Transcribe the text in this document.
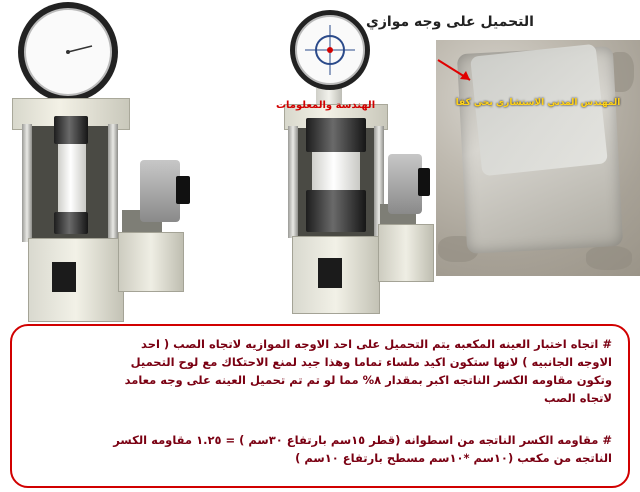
الهندسة والمعلومات
التحميل على وجه موازي
المهندس المدني الاستشاري يحي كفا
# اتجاه اختبار العينه المكعبه يتم التحميل على احد الاوجه الموازيه لاتجاه الصب ( احد
الاوجه الجانبيه ) لانها ستكون اكيد ملساء تماما وهذا جيد لمنع الاحتكاك مع لوح التحميل
وتكون مقاومه الكسر الناتجه اكبر بمقدار ٨% مما لو تم تم تحميل العينه على وجه معامد
لاتجاه الصب
# مقاومه الكسر الناتجه من اسطوانه (قطر ١٥سم بارتفاع ٣٠سم ) = ١.٢٥ مقاومه الكسر
الناتجه من مكعب (١٠سم *١٠سم مسطح بارتفاع ١٠سم )
